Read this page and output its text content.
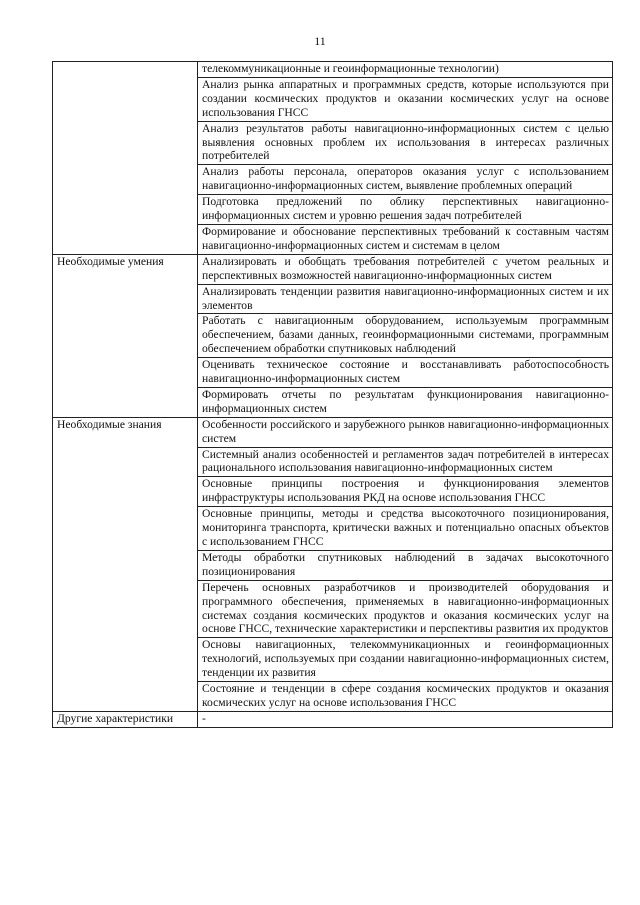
11
	телекоммуникационные и геоинформационные технологии)
	Анализ рынка аппаратных и программных средств, которые используются при создании космических продуктов и оказании космических услуг на основе использования ГНСС
	Анализ результатов работы навигационно-информационных систем с целью выявления основных проблем их использования в интересах различных потребителей
	Анализ работы персонала, операторов оказания услуг с использованием навигационно-информационных систем, выявление проблемных операций
	Подготовка предложений по облику перспективных навигационно-информационных систем и уровню решения задач потребителей
	Формирование и обоснование перспективных требований к составным частям навигационно-информационных систем и системам в целом
Необходимые умения	Анализировать и обобщать требования потребителей с учетом реальных и перспективных возможностей навигационно-информационных систем
	Анализировать тенденции развития навигационно-информационных систем и их элементов
	Работать с навигационным оборудованием, используемым программным обеспечением, базами данных, геоинформационными системами, программным обеспечением обработки спутниковых наблюдений
	Оценивать техническое состояние и восстанавливать работоспособность навигационно-информационных систем
	Формировать отчеты по результатам функционирования навигационно-информационных систем
Необходимые знания	Особенности российского и зарубежного рынков навигационно-информационных систем
	Системный анализ особенностей и регламентов задач потребителей в интересах рационального использования навигационно-информационных систем
	Основные принципы построения и функционирования элементов инфраструктуры использования РКД на основе использования ГНСС
	Основные принципы, методы и средства высокоточного позиционирования, мониторинга транспорта, критически важных и потенциально опасных объектов с использованием ГНСС
	Методы обработки спутниковых наблюдений в задачах высокоточного позиционирования
	Перечень основных разработчиков и производителей оборудования и программного обеспечения, применяемых в навигационно-информационных системах создания космических продуктов и оказания космических услуг на основе ГНСС, технические характеристики и перспективы развития их продуктов
	Основы навигационных, телекоммуникационных и геоинформационных технологий, используемых при создании навигационно-информационных систем, тенденции их развития
	Состояние и тенденции в сфере создания космических продуктов и оказания космических услуг на основе использования ГНСС
Другие характеристики	-
